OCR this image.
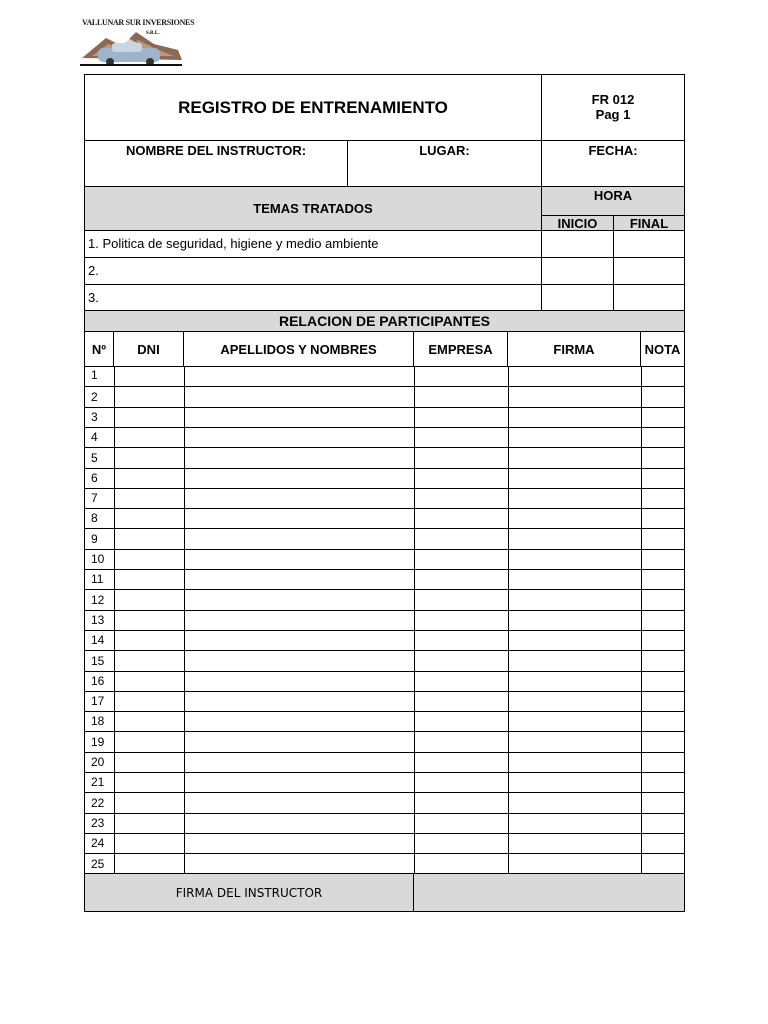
VALLUNAR SUR INVERSIONES
S.R.L.
REGISTRO DE ENTRENAMIENTO	FR 012
Pag 1
NOMBRE DEL INSTRUCTOR:	LUGAR:	FECHA:
TEMAS TRATADOS
HORA
INICIO	FINAL
1. Politica de seguridad, higiene y medio ambiente
2.
3.
RELACION DE PARTICIPANTES
Nº DNI	APELLIDOS Y NOMBRES	EMPRESA	FIRMA	NOTA
1
2
3
4
5
6
7
8
9
10
11
12
13
14
15
16
17
18
19
20
21
22
23
24
25
FIRMA DEL INSTRUCTOR
